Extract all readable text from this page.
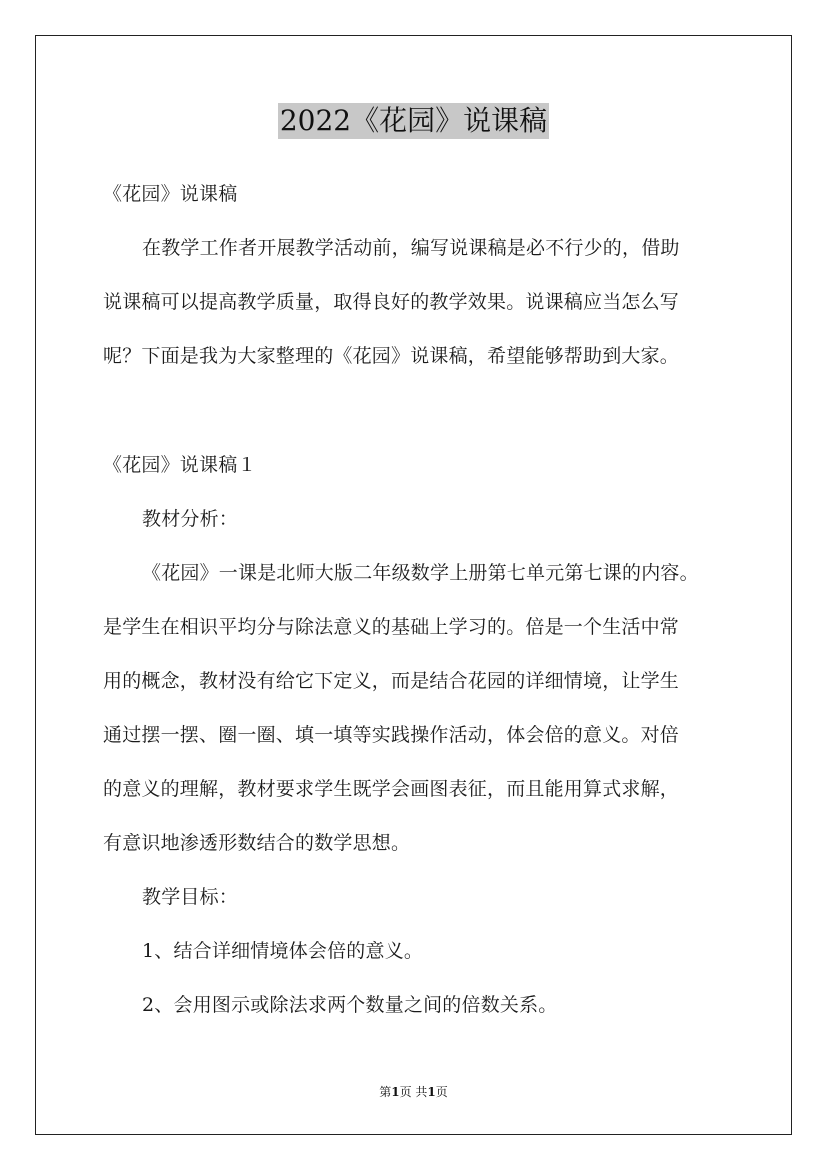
2022《花园》说课稿
《花园》说课稿
在教学工作者开展教学活动前，编写说课稿是必不行少的，借助
说课稿可以提高教学质量，取得良好的教学效果。说课稿应当怎么写
呢？下面是我为大家整理的《花园》说课稿，希望能够帮助到大家。
《花园》说课稿１
教材分析：
《花园》一课是北师大版二年级数学上册第七单元第七课的内容。
是学生在相识平均分与除法意义的基础上学习的。倍是一个生活中常
用的概念，教材没有给它下定义，而是结合花园的详细情境，让学生
通过摆一摆、圈一圈、填一填等实践操作活动，体会倍的意义。对倍
的意义的理解，教材要求学生既学会画图表征，而且能用算式求解，
有意识地渗透形数结合的数学思想。
教学目标：
1、结合详细情境体会倍的意义。
2、会用图示或除法求两个数量之间的倍数关系。
第1页 共1页
